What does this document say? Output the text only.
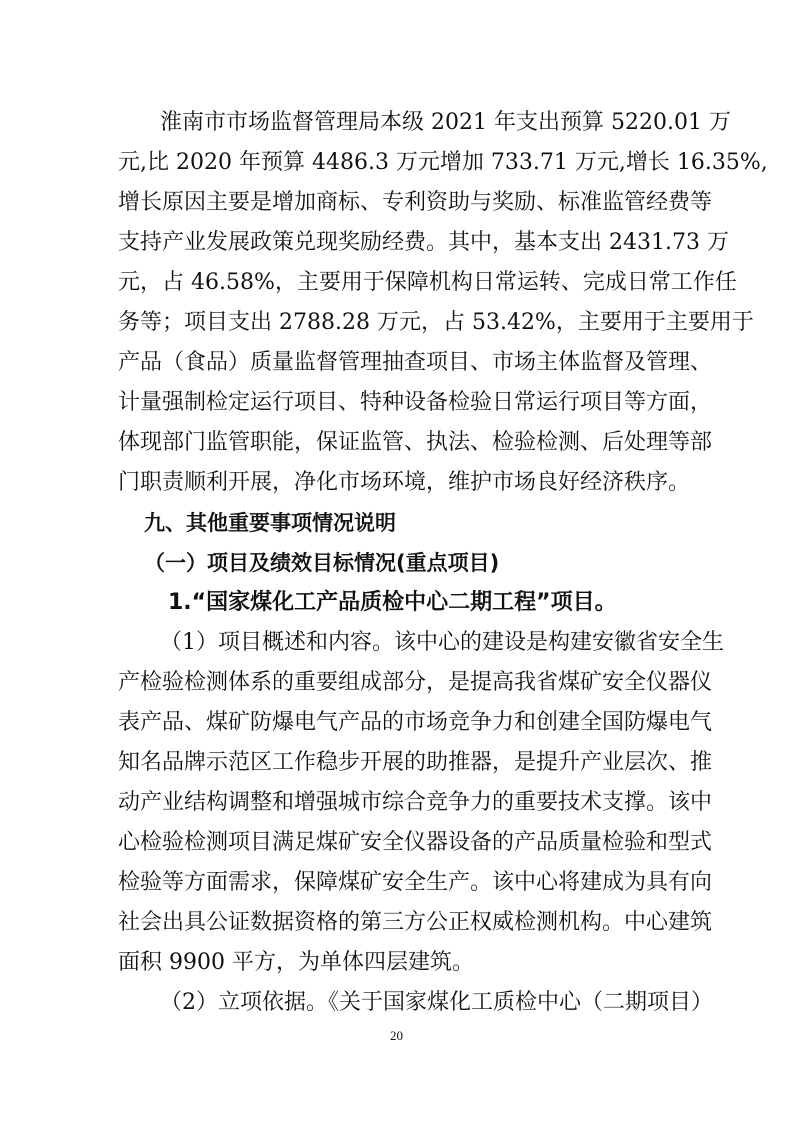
淮南市市场监督管理局本级 2021 年支出预算 5220.01 万
元,比 2020 年预算 4486.3 万元增加 733.71 万元,增长 16.35%,
增长原因主要是增加商标、专利资助与奖励、标准监管经费等
支持产业发展政策兑现奖励经费。其中，基本支出 2431.73 万
元，占 46.58%，主要用于保障机构日常运转、完成日常工作任
务等；项目支出 2788.28 万元，占 53.42%，主要用于主要用于
产品（食品）质量监督管理抽查项目、市场主体监督及管理、
计量强制检定运行项目、特种设备检验日常运行项目等方面，
体现部门监管职能，保证监管、执法、检验检测、后处理等部
门职责顺利开展，净化市场环境，维护市场良好经济秩序。
九、其他重要事项情况说明
（一）项目及绩效目标情况(重点项目)
1.“国家煤化工产品质检中心二期工程”项目。
（1）项目概述和内容。该中心的建设是构建安徽省安全生
产检验检测体系的重要组成部分，是提高我省煤矿安全仪器仪
表产品、煤矿防爆电气产品的市场竞争力和创建全国防爆电气
知名品牌示范区工作稳步开展的助推器，是提升产业层次、推
动产业结构调整和增强城市综合竞争力的重要技术支撑。该中
心检验检测项目满足煤矿安全仪器设备的产品质量检验和型式
检验等方面需求，保障煤矿安全生产。该中心将建成为具有向
社会出具公证数据资格的第三方公正权威检测机构。中心建筑
面积 9900 平方，为单体四层建筑。
（2）立项依据。《关于国家煤化工质检中心（二期项目）
20
